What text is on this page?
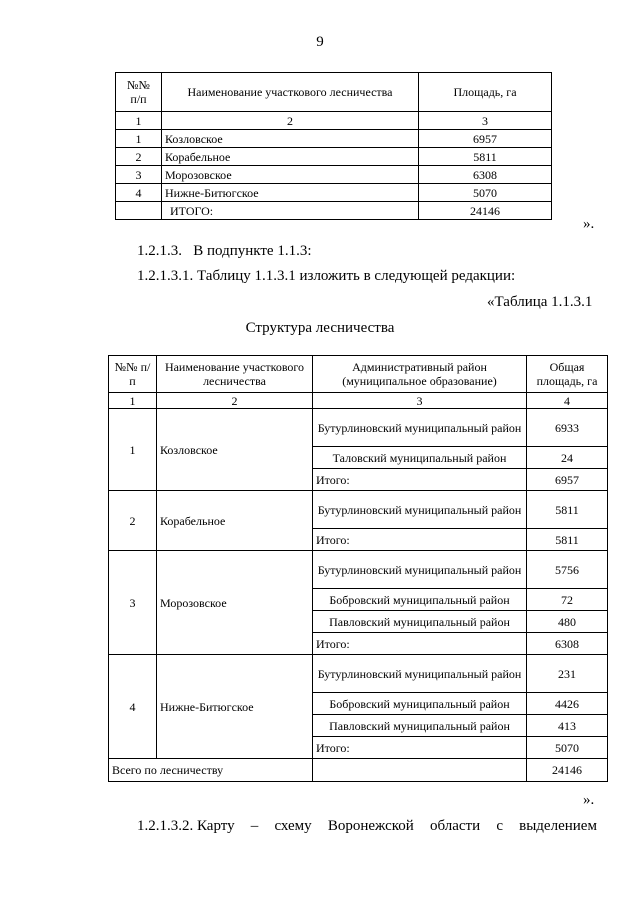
9
№№
п/п	Наименование участкового лесничества	Площадь, га
1	2	3
1	Козловское	6957
2	Корабельное	5811
3	Морозовское	6308
4	Нижне-Битюгское	5070
	ИТОГО:	24146
».
1.2.1.3.   В подпункте 1.1.3:
1.2.1.3.1. Таблицу 1.1.3.1 изложить в следующей редакции:
«Таблица 1.1.3.1
Структура лесничества
№№ п/п	Наименование участкового лесничества	Административный район (муниципальное образование)	Общая площадь, га
1	2	3	4
1	Козловское	Бутурлиновский муниципальный район	6933
		Таловский муниципальный район	24
		Итого:	6957
2	Корабельное	Бутурлиновский муниципальный район	5811
		Итого:	5811
3	Морозовское	Бутурлиновский муниципальный район	5756
		Бобровский муниципальный район	72
		Павловский муниципальный район	480
		Итого:	6308
4	Нижне-Битюгское	Бутурлиновский муниципальный район	231
		Бобровский муниципальный район	4426
		Павловский муниципальный район	413
		Итого:	5070
Всего по лесничеству			24146
».
1.2.1.3.2. Карту – схему Воронежской области с выделением
